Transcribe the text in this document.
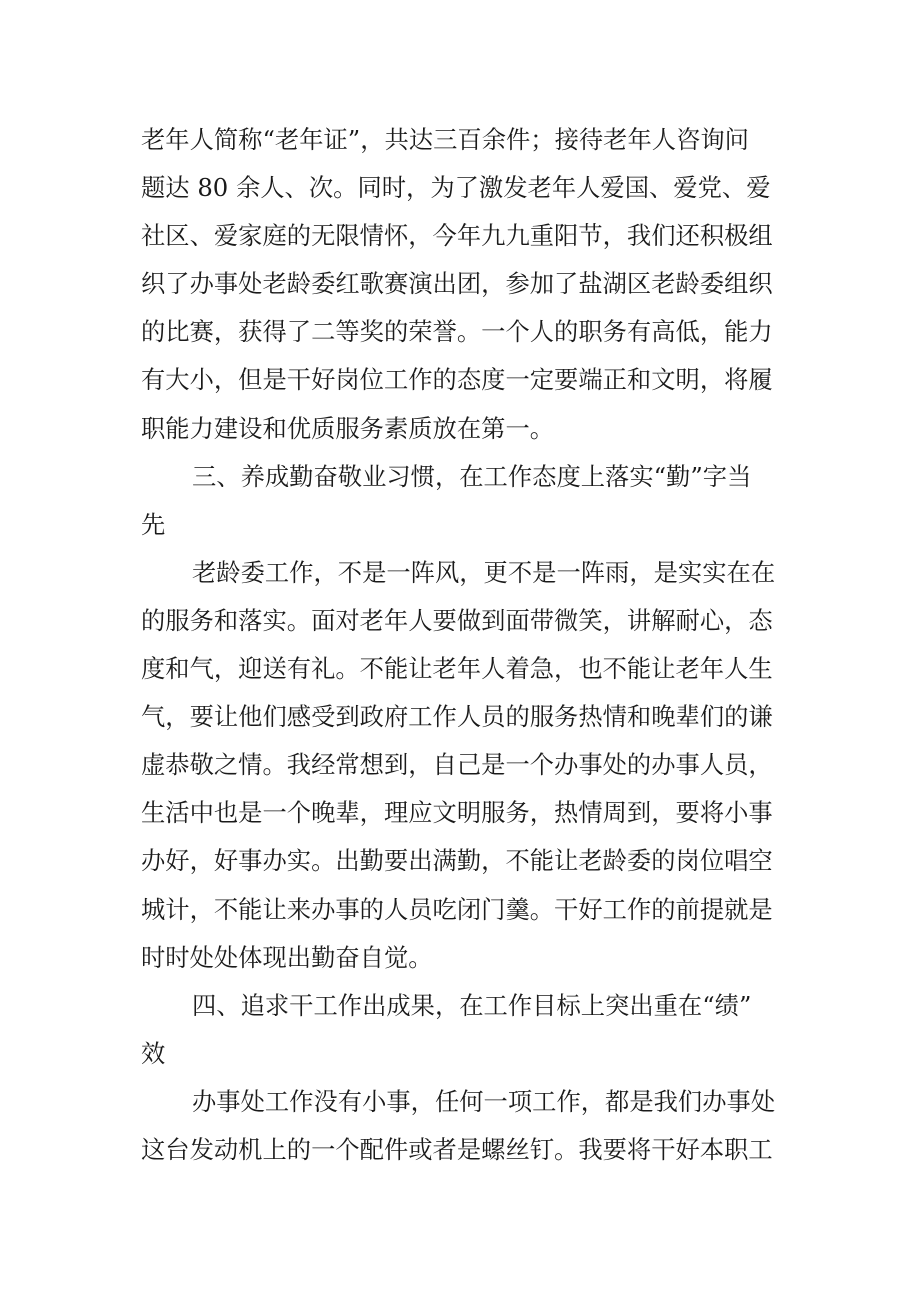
老年人简称“老年证”，共达三百余件；接待老年人咨询问
题达 80 余人、次。同时，为了激发老年人爱国、爱党、爱
社区、爱家庭的无限情怀，今年九九重阳节，我们还积极组
织了办事处老龄委红歌赛演出团，参加了盐湖区老龄委组织
的比赛，获得了二等奖的荣誉。一个人的职务有高低，能力
有大小，但是干好岗位工作的态度一定要端正和文明，将履
职能力建设和优质服务素质放在第一。
三、养成勤奋敬业习惯，在工作态度上落实“勤”字当
先
老龄委工作，不是一阵风，更不是一阵雨，是实实在在
的服务和落实。面对老年人要做到面带微笑，讲解耐心，态
度和气，迎送有礼。不能让老年人着急，也不能让老年人生
气，要让他们感受到政府工作人员的服务热情和晚辈们的谦
虚恭敬之情。我经常想到，自己是一个办事处的办事人员，
生活中也是一个晚辈，理应文明服务，热情周到，要将小事
办好，好事办实。出勤要出满勤，不能让老龄委的岗位唱空
城计，不能让来办事的人员吃闭门羹。干好工作的前提就是
时时处处体现出勤奋自觉。
四、追求干工作出成果，在工作目标上突出重在“绩”
效
办事处工作没有小事，任何一项工作，都是我们办事处
这台发动机上的一个配件或者是螺丝钉。我要将干好本职工
